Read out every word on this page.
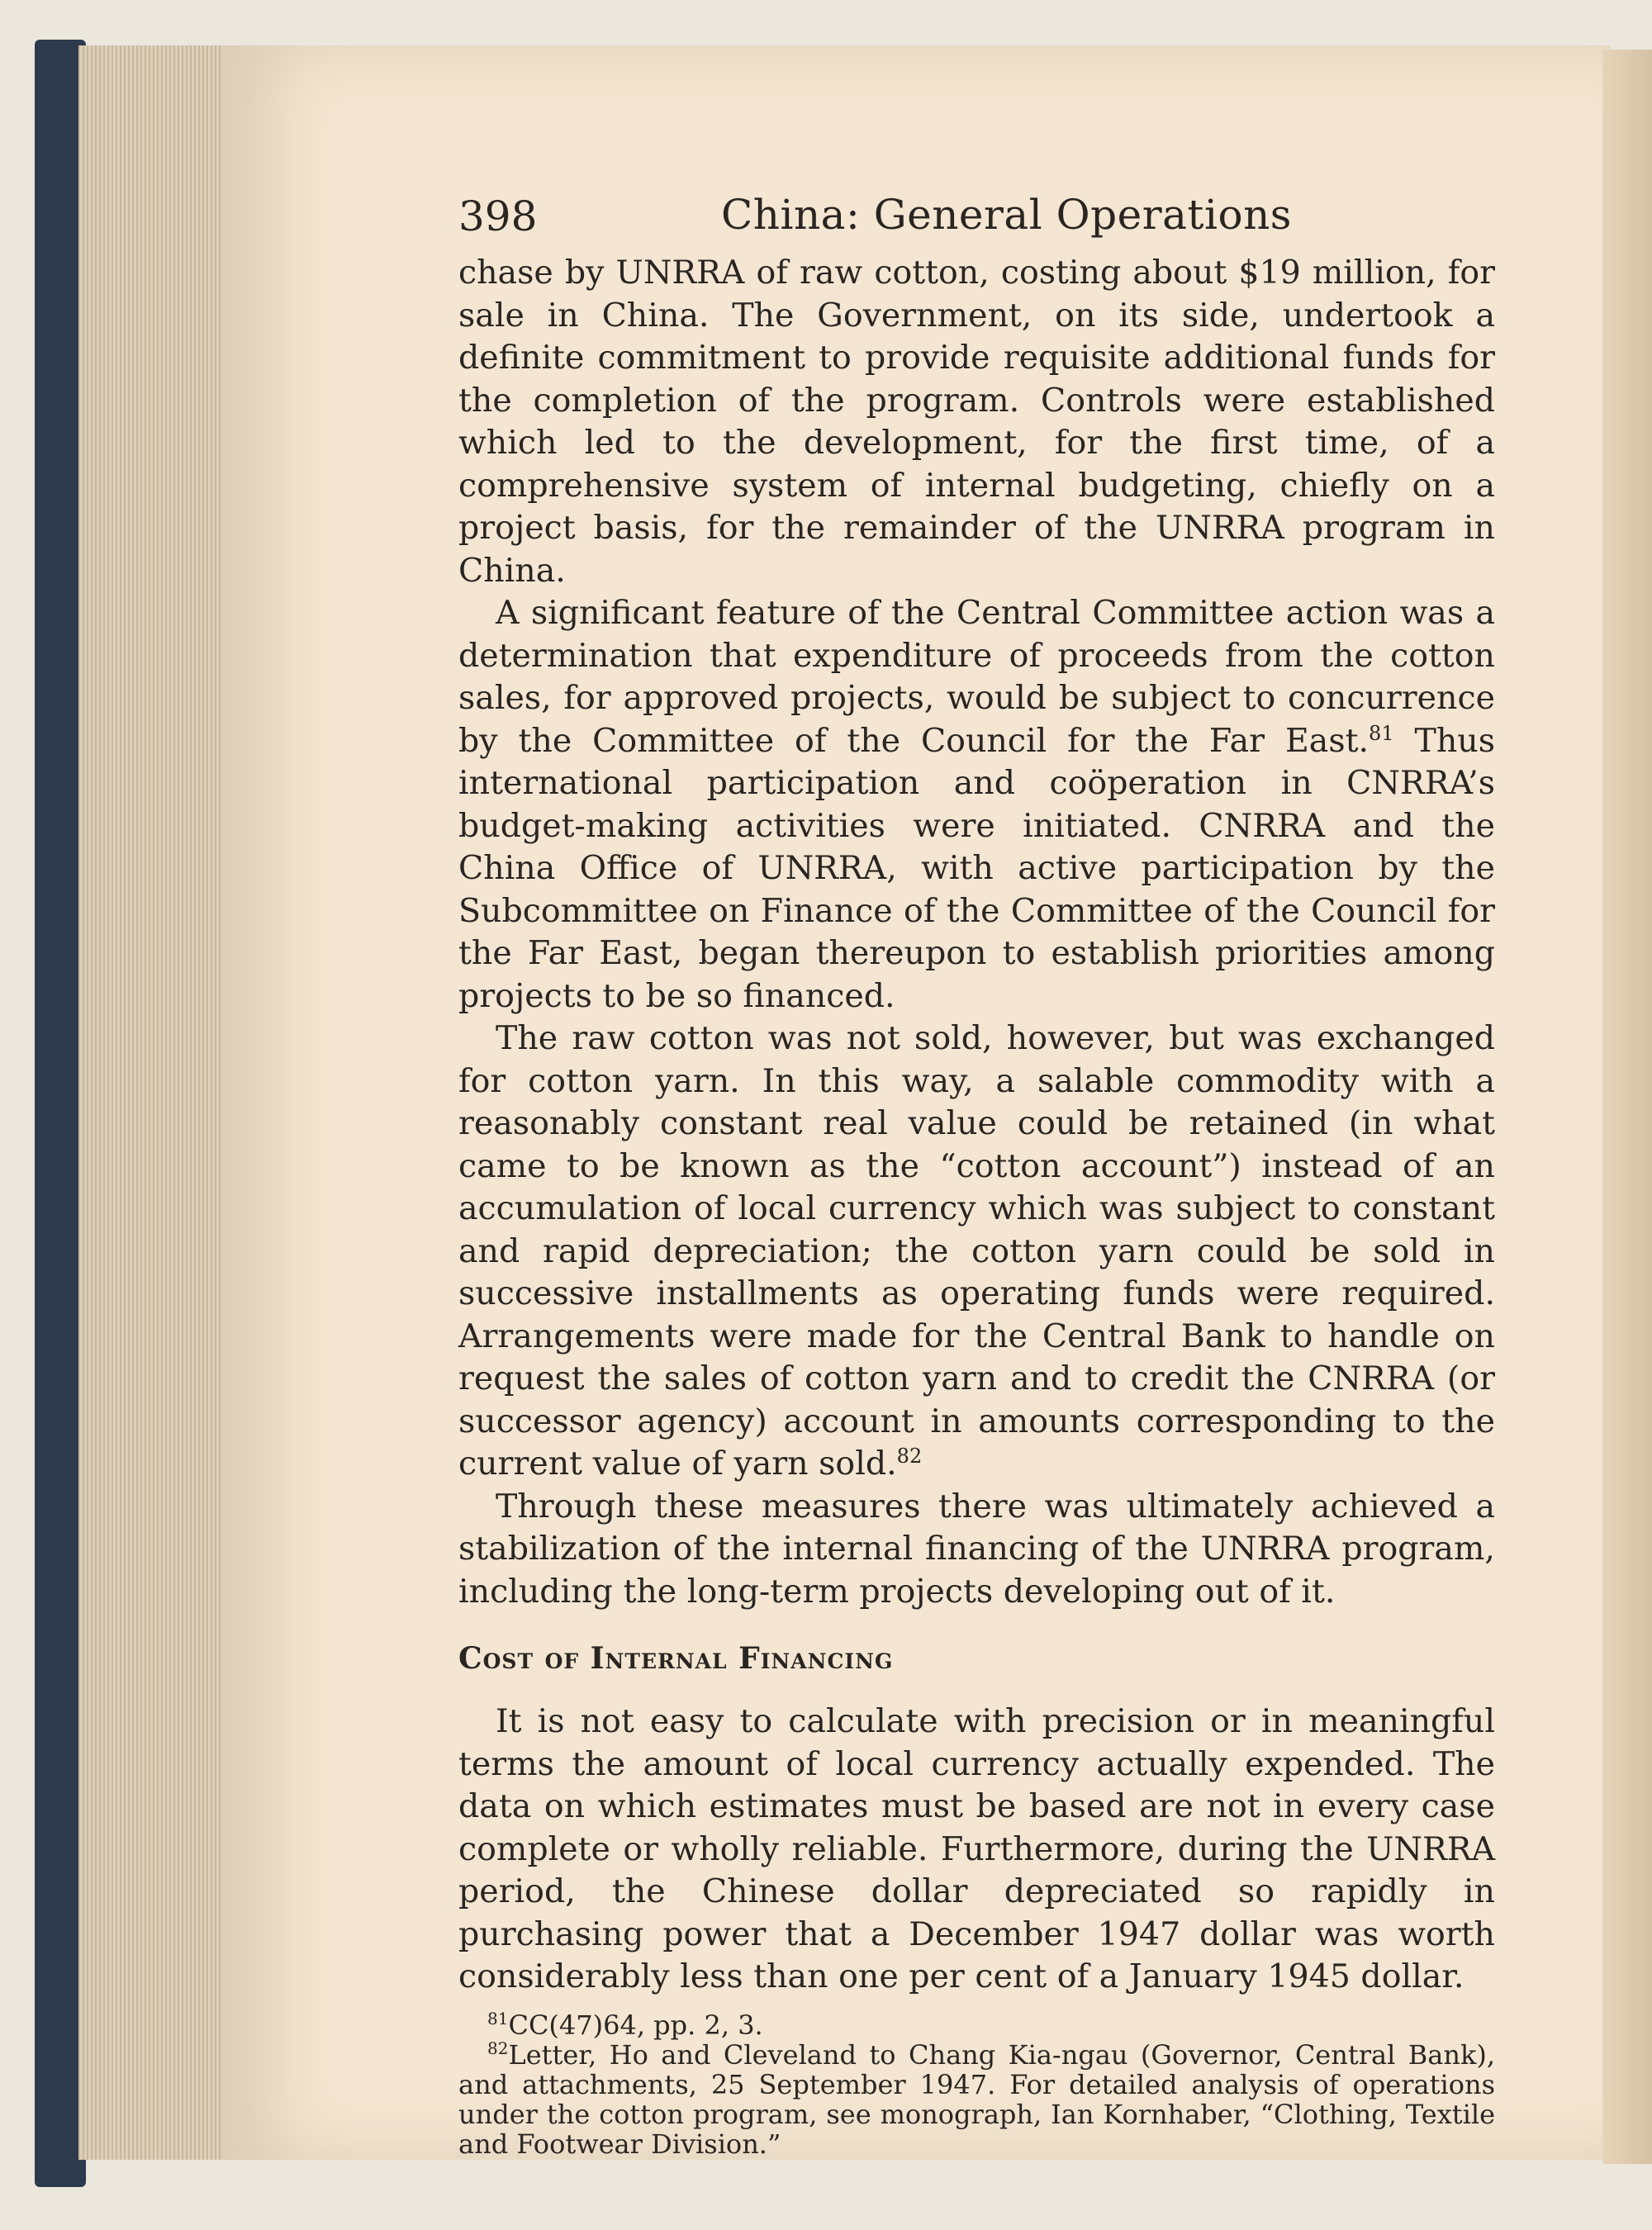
398	China: General Operations

chase by UNRRA of raw cotton, costing about $19 million, for sale in China. The Government, on its side, undertook a definite commitment to provide requisite additional funds for the completion of the program. Controls were established which led to the development, for the first time, of a comprehensive system of internal budgeting, chiefly on a project basis, for the remainder of the UNRRA program in China.

A significant feature of the Central Committee action was a determination that expenditure of proceeds from the cotton sales, for approved projects, would be subject to concurrence by the Committee of the Council for the Far East.$^{81}$ Thus international participation and coöperation in CNRRA’s budget-making activities were initiated. CNRRA and the China Office of UNRRA, with active participation by the Subcommittee on Finance of the Committee of the Council for the Far East, began thereupon to establish priorities among projects to be so financed.

The raw cotton was not sold, however, but was exchanged for cotton yarn. In this way, a salable commodity with a reasonably constant real value could be retained (in what came to be known as the “cotton account”) instead of an accumulation of local currency which was subject to constant and rapid depreciation; the cotton yarn could be sold in successive installments as operating funds were required. Arrangements were made for the Central Bank to handle on request the sales of cotton yarn and to credit the CNRRA (or successor agency) account in amounts corresponding to the current value of yarn sold.$^{82}$

Through these measures there was ultimately achieved a stabilization of the internal financing of the UNRRA program, including the long-term projects developing out of it.

Cost of Internal Financing

It is not easy to calculate with precision or in meaningful terms the amount of local currency actually expended. The data on which estimates must be based are not in every case complete or wholly reliable. Furthermore, during the UNRRA period, the Chinese dollar depreciated so rapidly in purchasing power that a December 1947 dollar was worth considerably less than one per cent of a January 1945 dollar.

$^{81}$CC(47)64, pp. 2, 3.

$^{82}$Letter, Ho and Cleveland to Chang Kia-ngau (Governor, Central Bank), and attachments, 25 September 1947. For detailed analysis of operations under the cotton program, see monograph, Ian Kornhaber, “Clothing, Textile and Footwear Division.”
